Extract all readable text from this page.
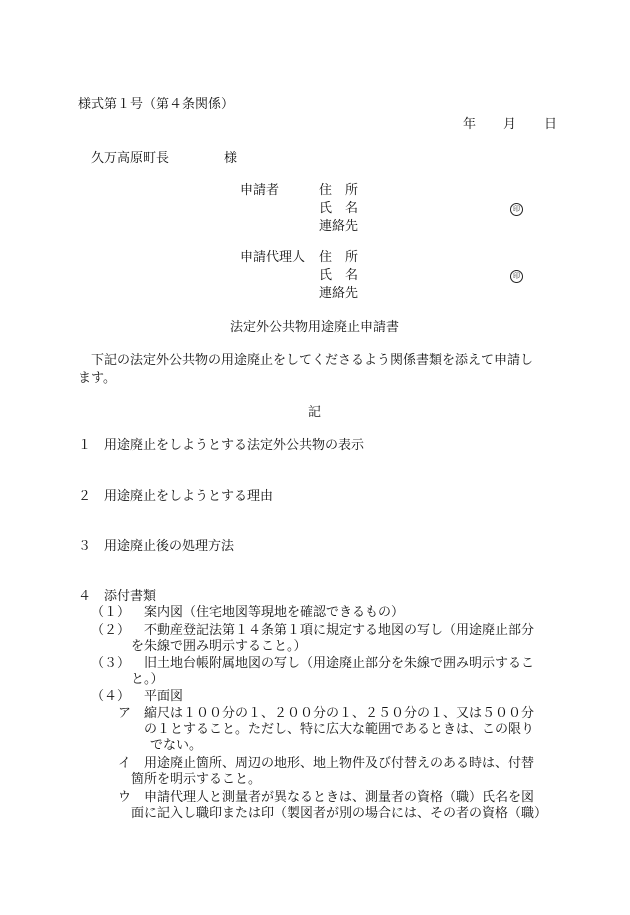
様式第１号（第４条関係）
年 月 日
久万高原町長	様
申請者	住　所
氏　名	印
連絡先
申請代理人 住　所
氏　名	印
連絡先
法定外公共物用途廃止申請書
下記の法定外公共物の用途廃止をしてくださるよう関係書類を添えて申請し
ます。
記
１ 用途廃止をしようとする法定外公共物の表示
２ 用途廃止をしようとする理由
３ 用途廃止後の処理方法
４ 添付書類
（１） 案内図（住宅地図等現地を確認できるもの）
（２） 不動産登記法第１４条第１項に規定する地図の写し（用途廃止部分
を朱線で囲み明示すること。）
（３） 旧土地台帳附属地図の写し（用途廃止部分を朱線で囲み明示するこ
と。）
（４） 平面図
ア 縮尺は１００分の１、２００分の１、２５０分の１、又は５００分
の１とすること。ただし、特に広大な範囲であるときは、この限り
でない。
イ 用途廃止箇所、周辺の地形、地上物件及び付替えのある時は、付替
箇所を明示すること。
ウ 申請代理人と測量者が異なるときは、測量者の資格（職）氏名を図
面に記入し職印または印（製図者が別の場合には、その者の資格（職）
